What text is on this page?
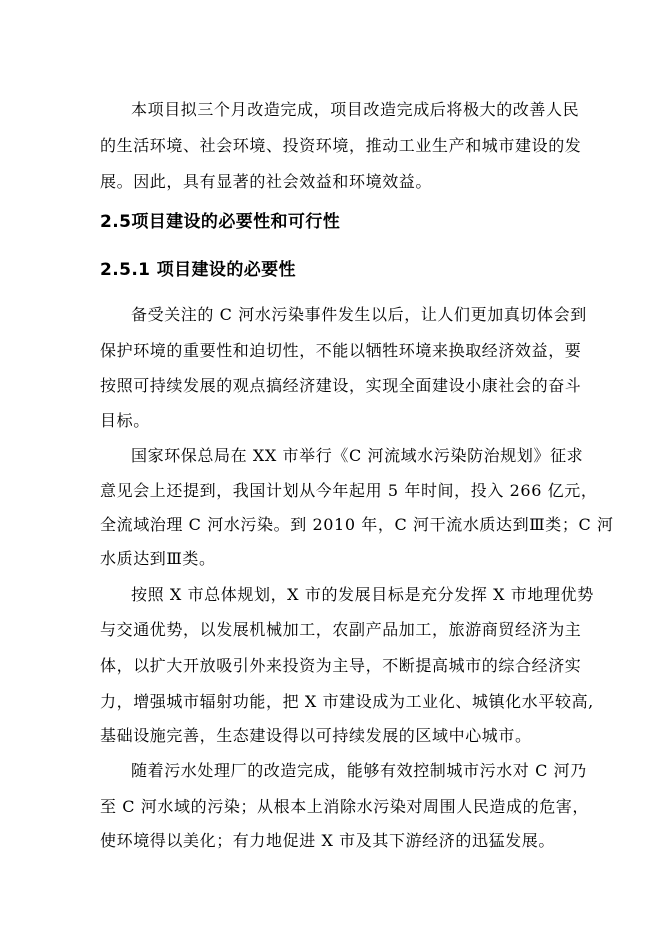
本项目拟三个月改造完成，项目改造完成后将极大的改善人民
的生活环境、社会环境、投资环境，推动工业生产和城市建设的发
展。因此，具有显著的社会效益和环境效益。
2.5项目建设的必要性和可行性
2.5.1 项目建设的必要性
备受关注的 C 河水污染事件发生以后，让人们更加真切体会到
保护环境的重要性和迫切性，不能以牺牲环境来换取经济效益，要
按照可持续发展的观点搞经济建设，实现全面建设小康社会的奋斗
目标。
国家环保总局在 XX 市举行《C 河流域水污染防治规划》征求
意见会上还提到，我国计划从今年起用 5 年时间，投入 266 亿元，
全流域治理 C 河水污染。到 2010 年，C 河干流水质达到Ⅲ类；C 河
水质达到Ⅲ类。
按照 X 市总体规划，X 市的发展目标是充分发挥 X 市地理优势
与交通优势，以发展机械加工，农副产品加工，旅游商贸经济为主
体，以扩大开放吸引外来投资为主导，不断提高城市的综合经济实
力，增强城市辐射功能，把 X 市建设成为工业化、城镇化水平较高,
基础设施完善，生态建设得以可持续发展的区域中心城市。
随着污水处理厂的改造完成，能够有效控制城市污水对 C 河乃
至 C 河水域的污染；从根本上消除水污染对周围人民造成的危害，
使环境得以美化；有力地促进 X 市及其下游经济的迅猛发展。
